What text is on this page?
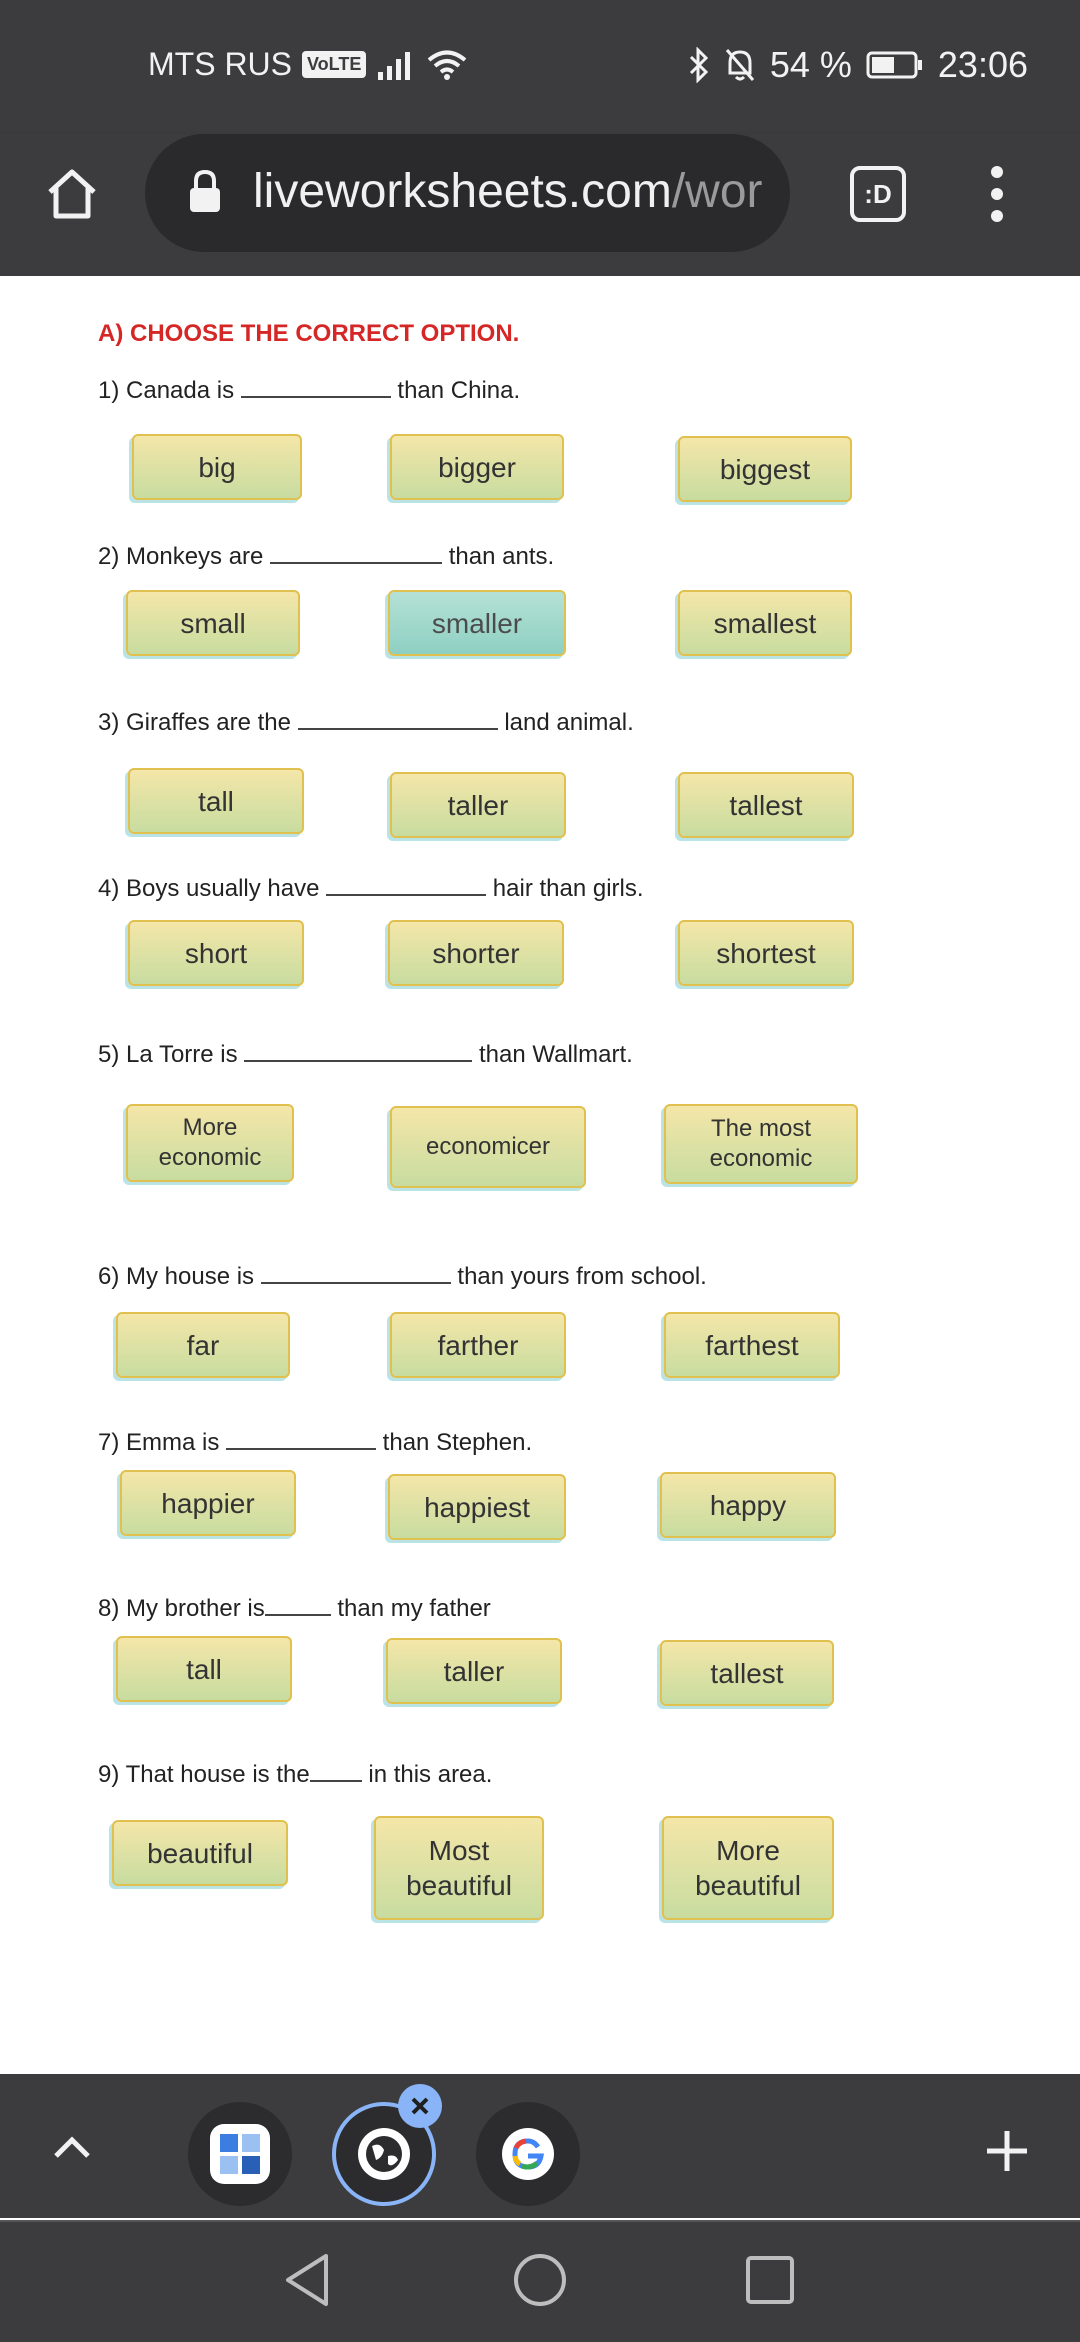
MTS RUS VoLTE	54 % 23:06
liveworksheets.com/wor	:D
A) CHOOSE THE CORRECT OPTION.
1) Canada is	than China.
big	bigger	biggest
2) Monkeys are	than ants.
small	smaller	smallest
3) Giraffes are the	land animal.
tall	taller	tallest
4) Boys usually have	hair than girls.
short	shorter	shortest
5) La Torre is	than Wallmart.
More economic	economicer
The most economic
6) My house is	than yours from school.
far	farther	farthest
7) Emma is	than Stephen.
happier	happiest	happy
8) My brother is	than my father
tall	taller	tallest
9) That house is the in this area.
beautiful	Most beautiful
More beautiful
